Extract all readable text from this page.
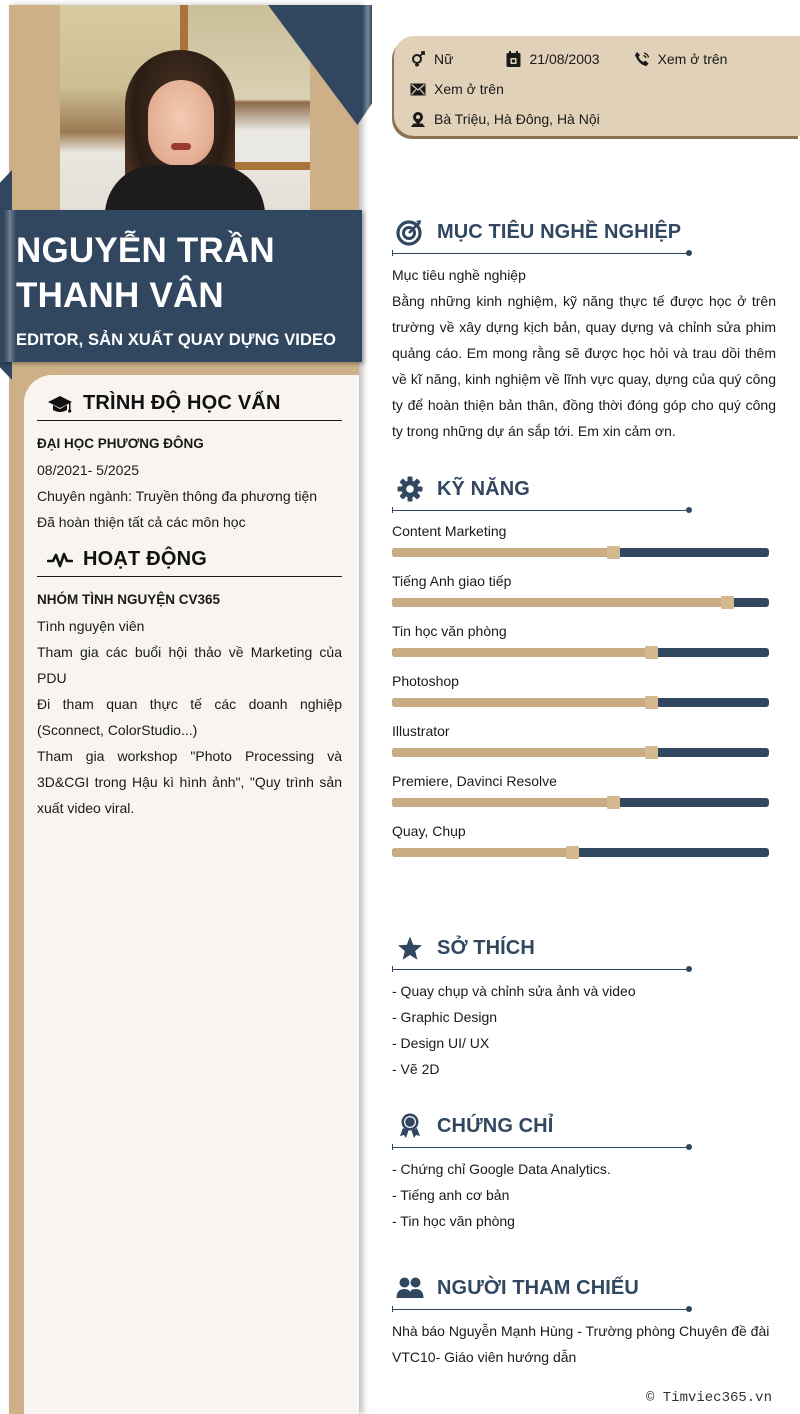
NGUYỄN TRẦN
THANH VÂN
EDITOR, SẢN XUẤT QUAY DỰNG VIDEO
TRÌNH ĐỘ HỌC VẤN
ĐẠI HỌC PHƯƠNG ĐÔNG
08/2021- 5/2025
Chuyên ngành: Truyền thông đa phương tiện
Đã hoàn thiện tất cả các môn học
HOẠT ĐỘNG
NHÓM TÌNH NGUYỆN CV365
Tình nguyện viên
Tham gia các buổi hội thảo về Marketing của PDU
Đi tham quan thực tế các doanh nghiệp (Sconnect, ColorStudio...)
Tham gia workshop "Photo Processing và 3D&CGI trong Hậu kì hình ảnh", "Quy trình sản xuất video viral.
Nữ	21/08/2003	Xem ở trên
Xem ở trên
Bà Triệu, Hà Đông, Hà Nội
MỤC TIÊU NGHỀ NGHIỆP
Mục tiêu nghề nghiệp
Bằng những kinh nghiệm, kỹ năng thực tế được học ở trên trường về xây dựng kịch bản, quay dựng và chỉnh sửa phim quảng cáo. Em mong rằng sẽ được học hỏi và trau dồi thêm về kĩ năng, kinh nghiệm về lĩnh vực quay, dựng của quý công ty để hoàn thiện bản thân, đồng thời đóng góp cho quý công ty trong những dự án sắp tới. Em xin cảm ơn.
KỸ NĂNG
Content Marketing
Tiếng Anh giao tiếp
Tin học văn phòng
Photoshop
Illustrator
Premiere, Davinci Resolve
Quay, Chụp
SỞ THÍCH
- Quay chụp và chỉnh sửa ảnh và video
- Graphic Design
- Design UI/ UX
- Vẽ 2D
CHỨNG CHỈ
- Chứng chỉ Google Data Analytics.
- Tiếng anh cơ bản
- Tin học văn phòng
NGƯỜI THAM CHIẾU
Nhà báo Nguyễn Mạnh Hùng - Trường phòng Chuyên đề đài VTC10- Giáo viên hướng dẫn
© Timviec365.vn
